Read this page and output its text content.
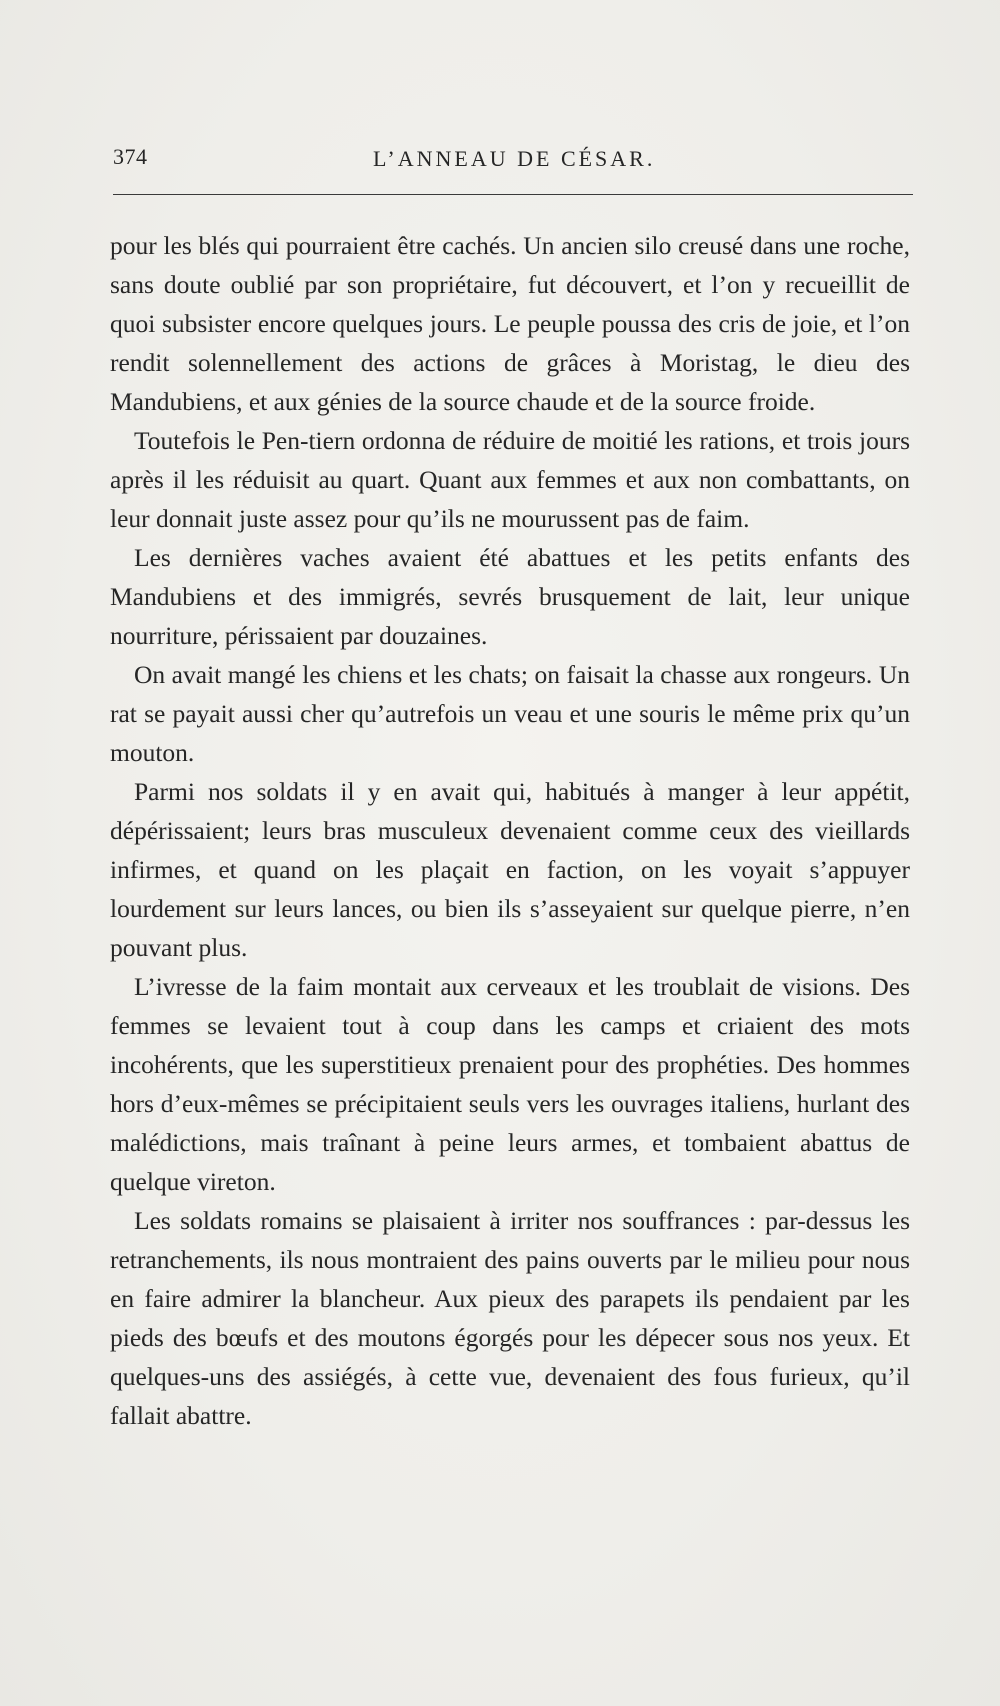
374	L’ANNEAU DE CÉSAR.

pour les blés qui pourraient être cachés. Un ancien silo creusé dans une roche, sans doute oublié par son propriétaire, fut découvert, et l’on y recueillit de quoi subsister encore quelques jours. Le peuple poussa des cris de joie, et l’on rendit solennellement des actions de grâces à Moristag, le dieu des Mandubiens, et aux génies de la source chaude et de la source froide.

Toutefois le Pen-tiern ordonna de réduire de moitié les rations, et trois jours après il les réduisit au quart. Quant aux femmes et aux non combattants, on leur donnait juste assez pour qu’ils ne mourussent pas de faim.

Les dernières vaches avaient été abattues et les petits enfants des Mandubiens et des immigrés, sevrés brusquement de lait, leur unique nourriture, périssaient par douzaines.

On avait mangé les chiens et les chats; on faisait la chasse aux rongeurs. Un rat se payait aussi cher qu’autrefois un veau et une souris le même prix qu’un mouton.

Parmi nos soldats il y en avait qui, habitués à manger à leur appétit, dépérissaient; leurs bras musculeux devenaient comme ceux des vieillards infirmes, et quand on les plaçait en faction, on les voyait s’appuyer lourdement sur leurs lances, ou bien ils s’asseyaient sur quelque pierre, n’en pouvant plus.

L’ivresse de la faim montait aux cerveaux et les troublait de visions. Des femmes se levaient tout à coup dans les camps et criaient des mots incohérents, que les superstitieux prenaient pour des prophéties. Des hommes hors d’eux-mêmes se précipitaient seuls vers les ouvrages italiens, hurlant des malédictions, mais traînant à peine leurs armes, et tombaient abattus de quelque vireton.

Les soldats romains se plaisaient à irriter nos souffrances : par-dessus les retranchements, ils nous montraient des pains ouverts par le milieu pour nous en faire admirer la blancheur. Aux pieux des parapets ils pendaient par les pieds des bœufs et des moutons égorgés pour les dépecer sous nos yeux. Et quelques-uns des assiégés, à cette vue, devenaient des fous furieux, qu’il fallait abattre.
